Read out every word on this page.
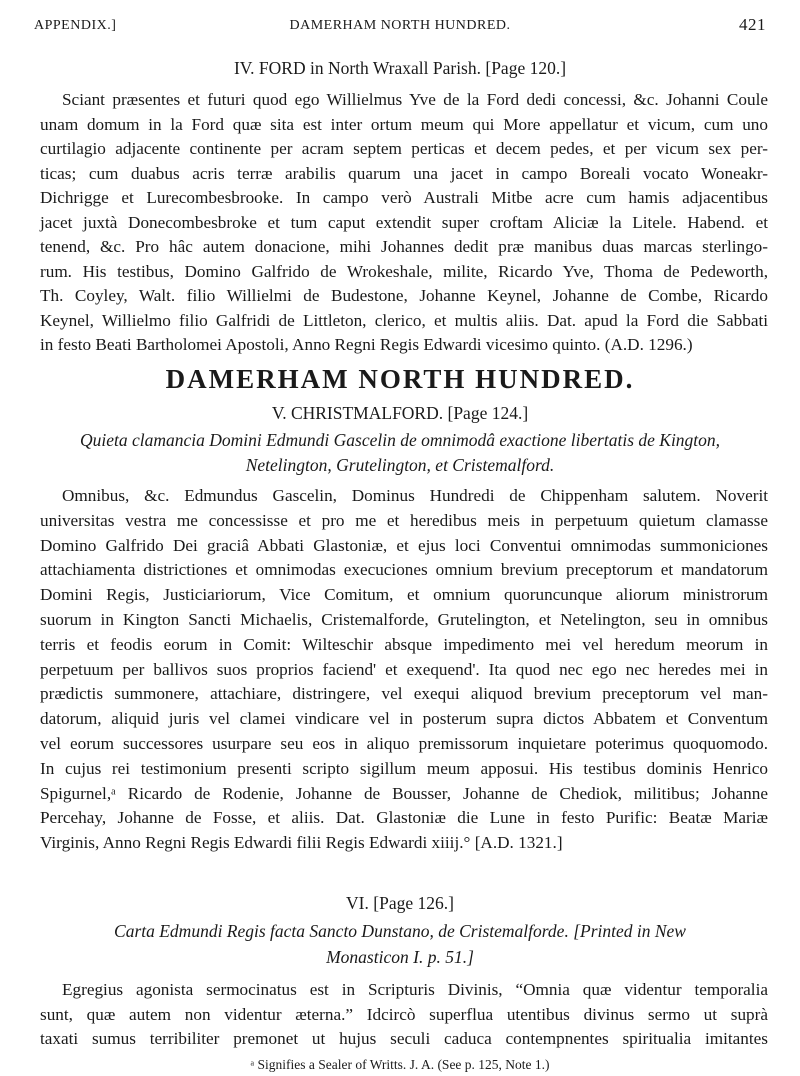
APPENDIX.]	DAMERHAM NORTH HUNDRED.	421
IV. FORD in North Wraxall Parish. [Page 120.]
Sciant præsentes et futuri quod ego Willielmus Yve de la Ford dedi concessi, &c. Johanni Coule
unam domum in la Ford quæ sita est inter ortum meum qui More appellatur et vicum, cum uno
curtilagio adjacente continente per acram septem perticas et decem pedes, et per vicum sex per-
ticas; cum duabus acris terræ arabilis quarum una jacet in campo Boreali vocato Woneakr-
Dichrigge et Lurecombesbrooke. In campo verò Australi Mitbe acre cum hamis adjacentibus
jacet juxtà Donecombesbroke et tum caput extendit super croftam Aliciæ la Litele. Habend. et
tenend, &c. Pro hâc autem donacione, mihi Johannes dedit præ manibus duas marcas sterlingo-
rum. His testibus, Domino Galfrido de Wrokeshale, milite, Ricardo Yve, Thoma de Pedeworth,
Th. Coyley, Walt. filio Willielmi de Budestone, Johanne Keynel, Johanne de Combe, Ricardo
Keynel, Willielmo filio Galfridi de Littleton, clerico, et multis aliis. Dat. apud la Ford die Sabbati
in festo Beati Bartholomei Apostoli, Anno Regni Regis Edwardi vicesimo quinto. (A.D. 1296.)
DAMERHAM NORTH HUNDRED.
V. CHRISTMALFORD. [Page 124.]
Quieta clamancia Domini Edmundi Gascelin de omnimodâ exactione libertatis de Kington,
Netelington, Grutelington, et Cristemalford.
Omnibus, &c. Edmundus Gascelin, Dominus Hundredi de Chippenham salutem. Noverit
universitas vestra me concessisse et pro me et heredibus meis in perpetuum quietum clamasse
Domino Galfrido Dei graciâ Abbati Glastoniæ, et ejus loci Conventui omnimodas summoniciones
attachiamenta districtiones et omnimodas execuciones omnium brevium preceptorum et mandatorum
Domini Regis, Justiciariorum, Vice Comitum, et omnium quoruncunque aliorum ministrorum
suorum in Kington Sancti Michaelis, Cristemalforde, Grutelington, et Netelington, seu in omnibus
terris et feodis eorum in Comit: Wilteschir absque impedimento mei vel heredum meorum in
perpetuum per ballivos suos proprios faciend' et exequend'. Ita quod nec ego nec heredes mei in
prædictis summonere, attachiare, distringere, vel exequi aliquod brevium preceptorum vel man-
datorum, aliquid juris vel clamei vindicare vel in posterum supra dictos Abbatem et Conventum
vel eorum successores usurpare seu eos in aliquo premissorum inquietare poterimus quoquomodo.
In cujus rei testimonium presenti scripto sigillum meum apposui. His testibus dominis Henrico
Spigurnel,ᵃ Ricardo de Rodenie, Johanne de Bousser, Johanne de Chediok, militibus; Johanne
Percehay, Johanne de Fosse, et aliis. Dat. Glastoniæ die Lune in festo Purific: Beatæ Mariæ
Virginis, Anno Regni Regis Edwardi filii Regis Edwardi xiiij.° [A.D. 1321.]
VI. [Page 126.]
Carta Edmundi Regis facta Sancto Dunstano, de Cristemalforde. [Printed in New
Monasticon I. p. 51.]
Egregius agonista sermocinatus est in Scripturis Divinis, “Omnia quæ videntur temporalia
sunt, quæ autem non videntur æterna.” Idcircò superflua utentibus divinus sermo ut suprà
taxati sumus terribiliter premonet ut hujus seculi caduca contempnentes spiritualia imitantes
ᵃ Signifies a Sealer of Writts. J. A. (See p. 125, Note 1.)
